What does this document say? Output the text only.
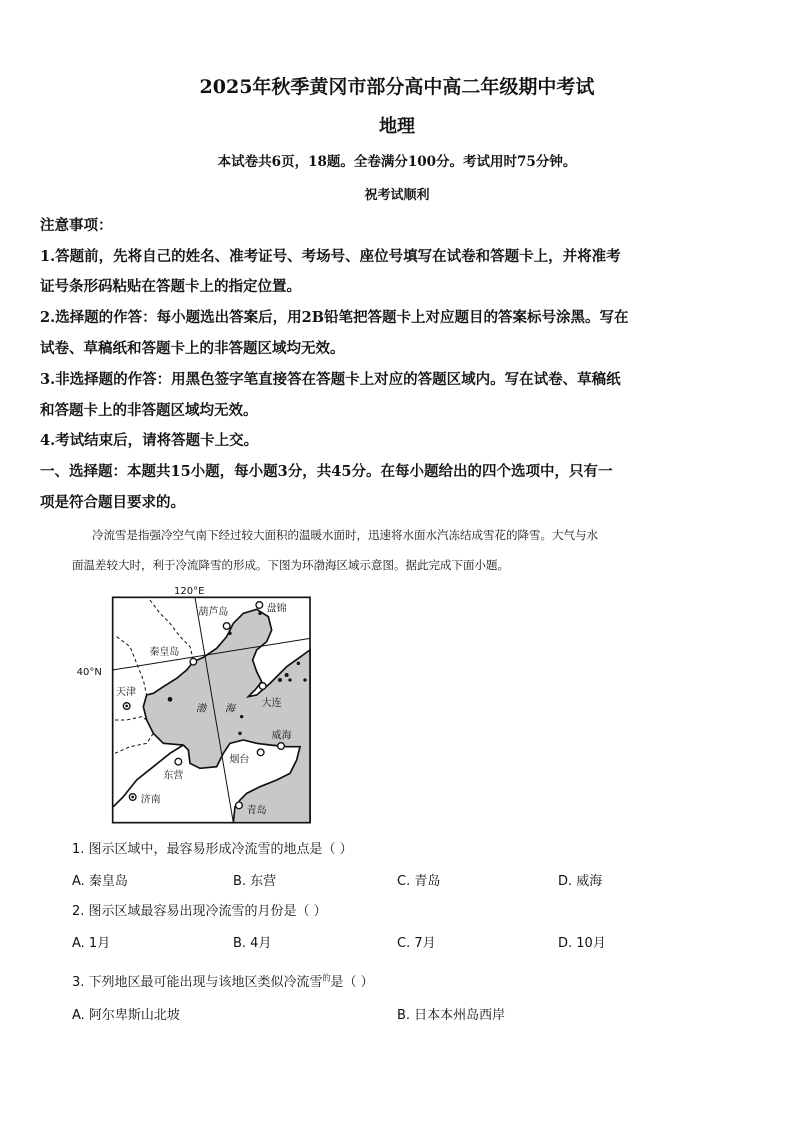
2025年秋季黄冈市部分高中高二年级期中考试
地理
本试卷共6页，18题。全卷满分100分。考试用时75分钟。
祝考试顺利
注意事项：
1.答题前，先将自己的姓名、准考证号、考场号、座位号填写在试卷和答题卡上，并将准考
证号条形码粘贴在答题卡上的指定位置。
2.选择题的作答：每小题选出答案后，用2B铅笔把答题卡上对应题目的答案标号涂黑。写在
试卷、草稿纸和答题卡上的非答题区域均无效。
3.非选择题的作答：用黑色签字笔直接答在答题卡上对应的答题区域内。写在试卷、草稿纸
和答题卡上的非答题区域均无效。
4.考试结束后，请将答题卡上交。
一、选择题：本题共15小题，每小题3分，共45分。在每小题给出的四个选项中，只有一
项是符合题目要求的。
冷流雪是指强冷空气南下经过较大面积的温暖水面时，迅速将水面水汽冻结成雪花的降雪。大气与水
面温差较大时，利于冷流降雪的形成。下图为环渤海区域示意图。据此完成下面小题。
120°E
40°N
渤 海
葫芦岛 盘锦
秦皇岛
天津
大连
威海
烟台
东营
济南
青岛
1. 图示区域中，最容易形成冷流雪的地点是（ ）
A. 秦皇岛	B. 东营	C. 青岛	D. 威海
2. 图示区域最容易出现冷流雪的月份是（ ）
A. 1月	B. 4月	C. 7月	D. 10月
3. 下列地区最可能出现与该地区类似冷流雪$^的$是（ ）
A. 阿尔卑斯山北坡	B. 日本本州岛西岸
